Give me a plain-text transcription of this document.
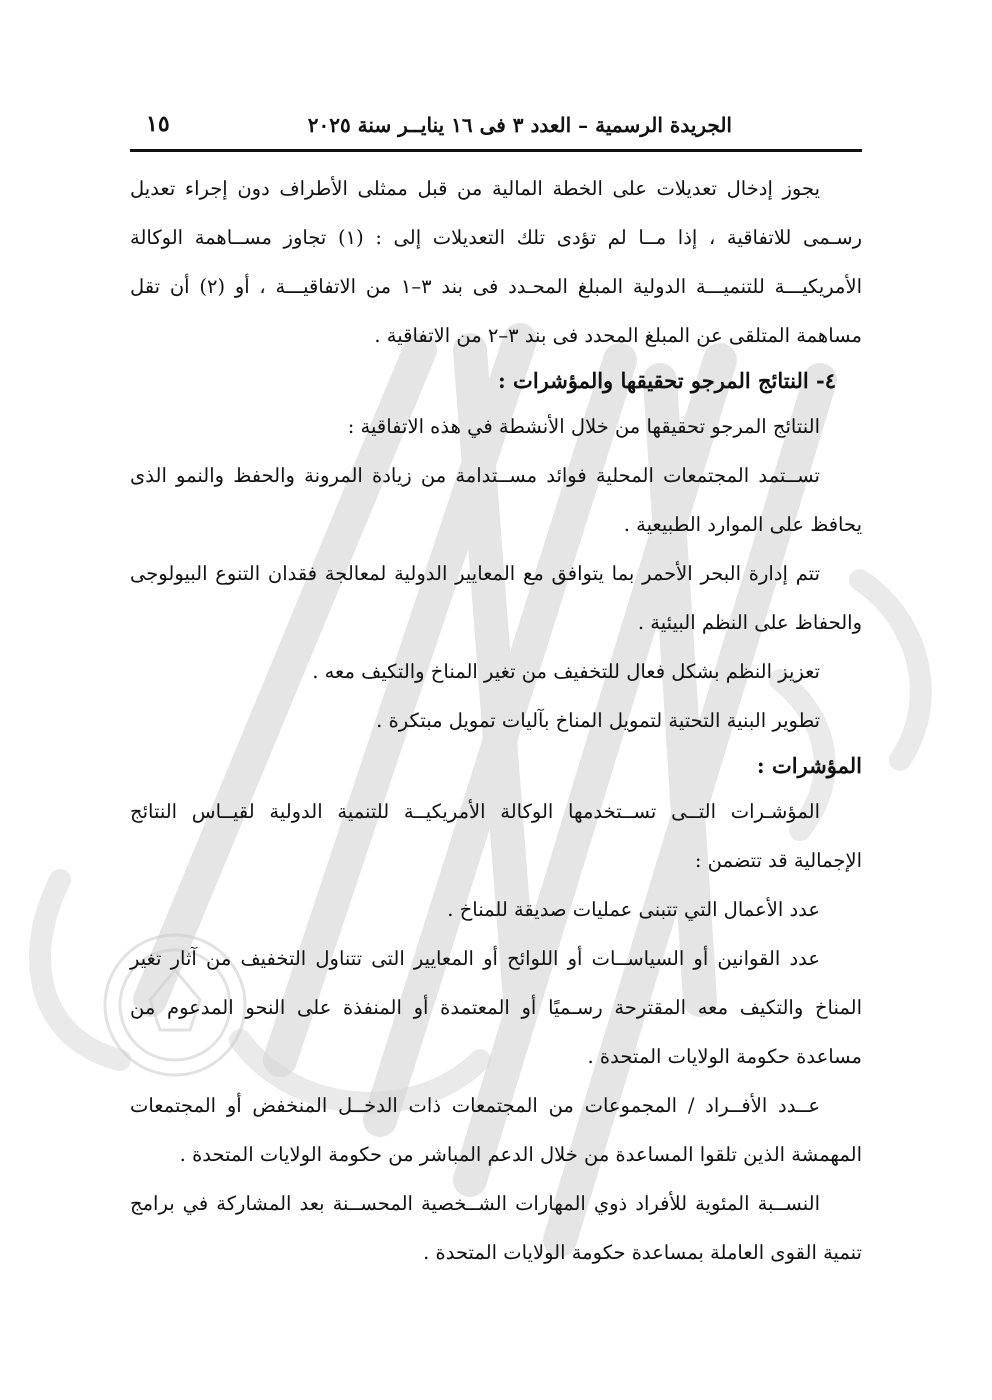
الجريدة الرسمية – العدد ٣ فى ١٦ ينايــر سنة ٢٠٢٥
١٥

يجوز إدخال تعديلات على الخطة المالية من قبل ممثلى الأطراف دون إجراء تعديل رسـمى للاتفاقية ، إذا مــا لم تؤدى تلك التعديلات إلى : (١) تجاوز مســاهمة الوكالة الأمريكيـــة للتنميـــة الدولية المبلغ المحـدد فى بند ٣–١ من الاتفاقيـــة ، أو (٢) أن تقل مساهمة المتلقى عن المبلغ المحدد فى بند ٣–٢ من الاتفاقية .

٤- النتائج المرجو تحقيقها والمؤشرات :

النتائج المرجو تحقيقها من خلال الأنشطة في هذه الاتفاقية :

تســتمد المجتمعات المحلية فوائد مســتدامة من زيادة المرونة والحفظ والنمو الذى يحافظ على الموارد الطبيعية .

تتم إدارة البحر الأحمر بما يتوافق مع المعايير الدولية لمعالجة فقدان التنوع البيولوجى والحفاظ على النظم البيئية .

تعزيز النظم بشكل فعال للتخفيف من تغير المناخ والتكيف معه .

تطوير البنية التحتية لتمويل المناخ بآليات تمويل مبتكرة .

المؤشرات :

المؤشـرات التــى تســتخدمها الوكالة الأمريكيــة للتنمية الدولية لقيــاس النتائج الإجمالية قد تتضمن :

عدد الأعمال التي تتبنى عمليات صديقة للمناخ .

عدد القوانين أو السياســات أو اللوائح أو المعايير التى تتناول التخفيف من آثار تغير المناخ والتكيف معه المقترحة رسـميًا أو المعتمدة أو المنفذة على النحو المدعوم من مساعدة حكومة الولايات المتحدة .

عــدد الأفــراد / المجموعات من المجتمعات ذات الدخــل المنخفض أو المجتمعات المهمشة الذين تلقوا المساعدة من خلال الدعم المباشر من حكومة الولايات المتحدة .

النســبة المئوية للأفراد ذوي المهارات الشــخصية المحســنة بعد المشاركة في برامج تنمية القوى العاملة بمساعدة حكومة الولايات المتحدة .
